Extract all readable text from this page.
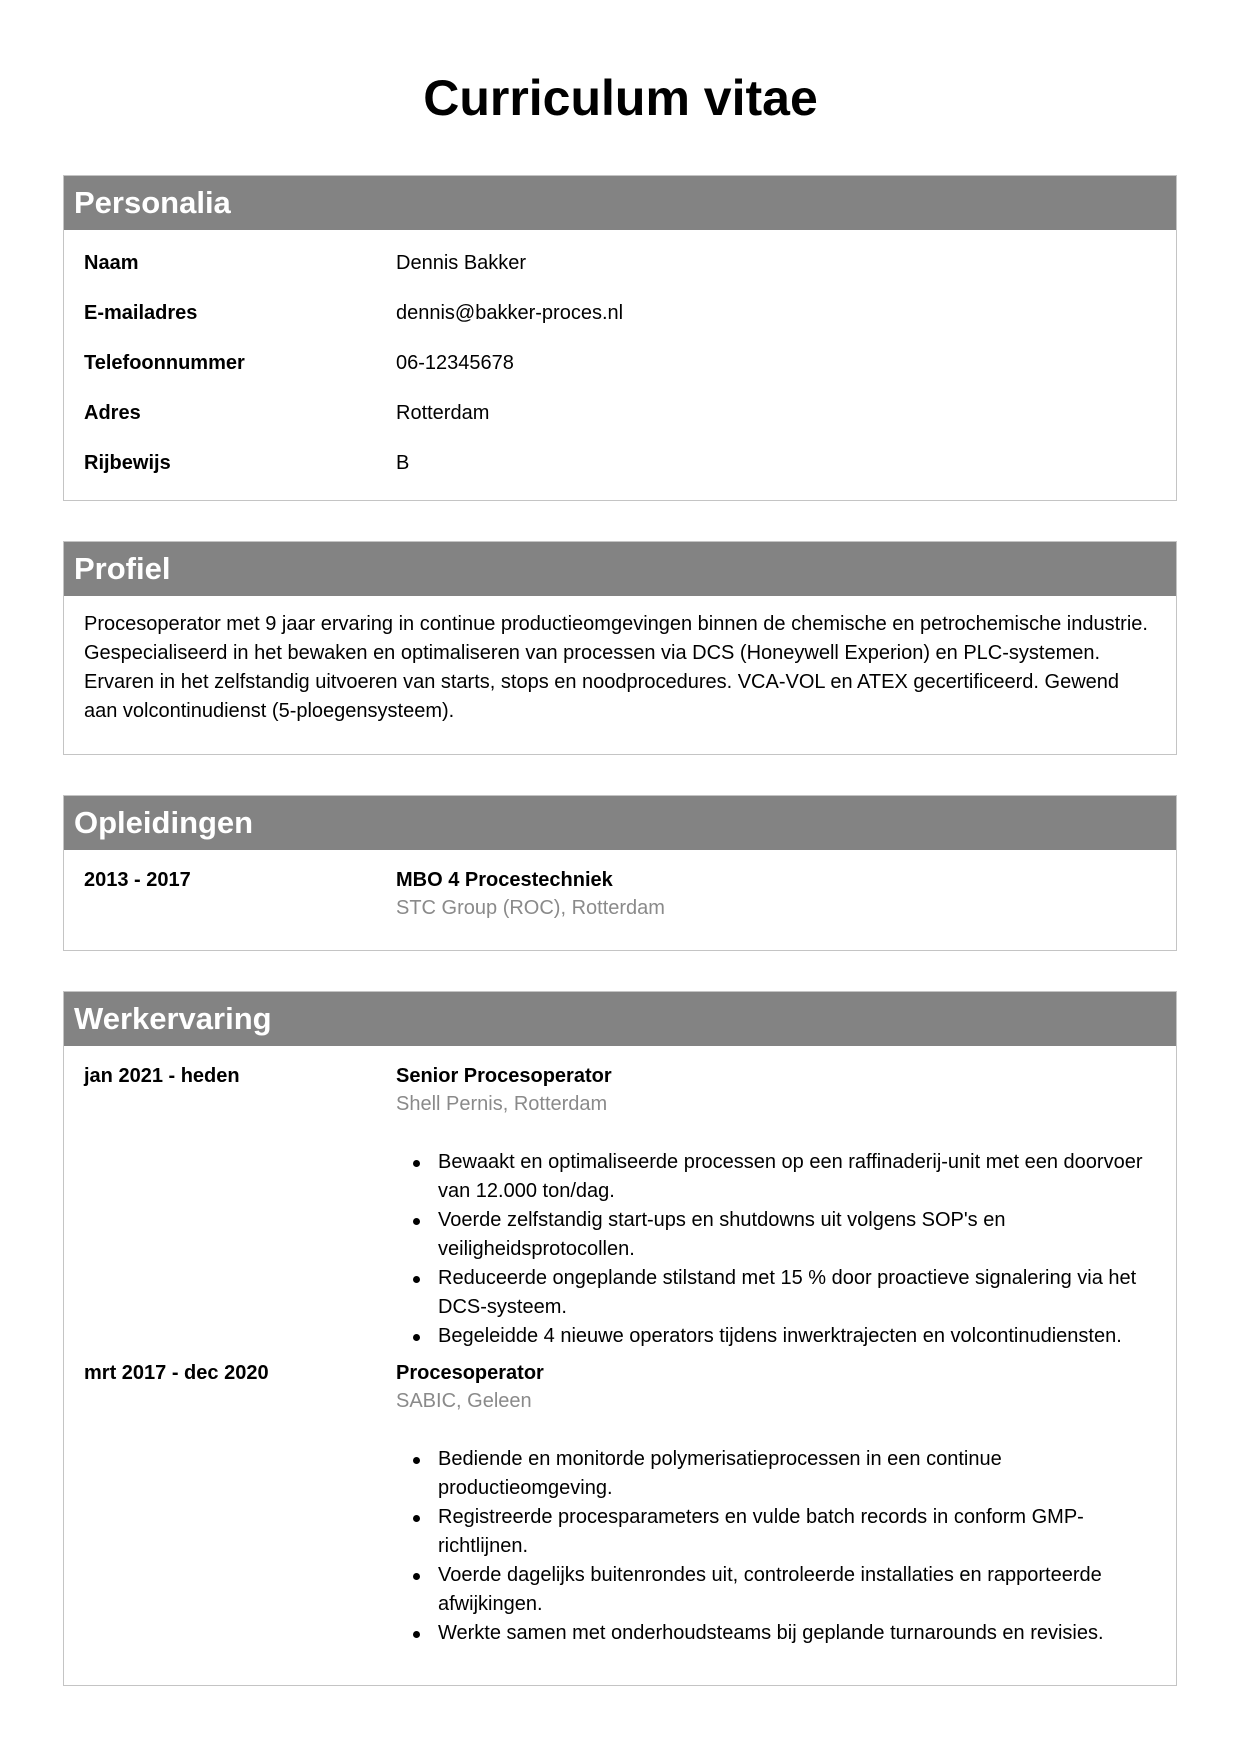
Curriculum vitae
Personalia
Naam	Dennis Bakker
E-mailadres	dennis@bakker-proces.nl
Telefoonnummer	06-12345678
Adres	Rotterdam
Rijbewijs	B
Profiel

Procesoperator met 9 jaar ervaring in continue productieomgevingen binnen de chemische en petrochemische industrie. Gespecialiseerd in het bewaken en optimaliseren van processen via DCS (Honeywell Experion) en PLC-systemen. Ervaren in het zelfstandig uitvoeren van starts, stops en noodprocedures. VCA-VOL en ATEX gecertificeerd. Gewend aan volcontinudienst (5-ploegensysteem).

Opleidingen
2013 - 2017	MBO 4 Procestechniek
STC Group (ROC), Rotterdam
Werkervaring
jan 2021 - heden	Senior Procesoperator
Shell Pernis, Rotterdam
Bewaakt en optimaliseerde processen op een raffinaderij-unit met een doorvoer van 12.000 ton/dag.
Voerde zelfstandig start-ups en shutdowns uit volgens SOP's en veiligheidsprotocollen.
Reduceerde ongeplande stilstand met 15 % door proactieve signalering via het DCS-systeem.
Begeleidde 4 nieuwe operators tijdens inwerktrajecten en volcontinudiensten.
mrt 2017 - dec 2020	Procesoperator
SABIC, Geleen
Bediende en monitorde polymerisatieprocessen in een continue productieomgeving.
Registreerde procesparameters en vulde batch records in conform GMP-richtlijnen.
Voerde dagelijks buitenrondes uit, controleerde installaties en rapporteerde afwijkingen.
Werkte samen met onderhoudsteams bij geplande turnarounds en revisies.
